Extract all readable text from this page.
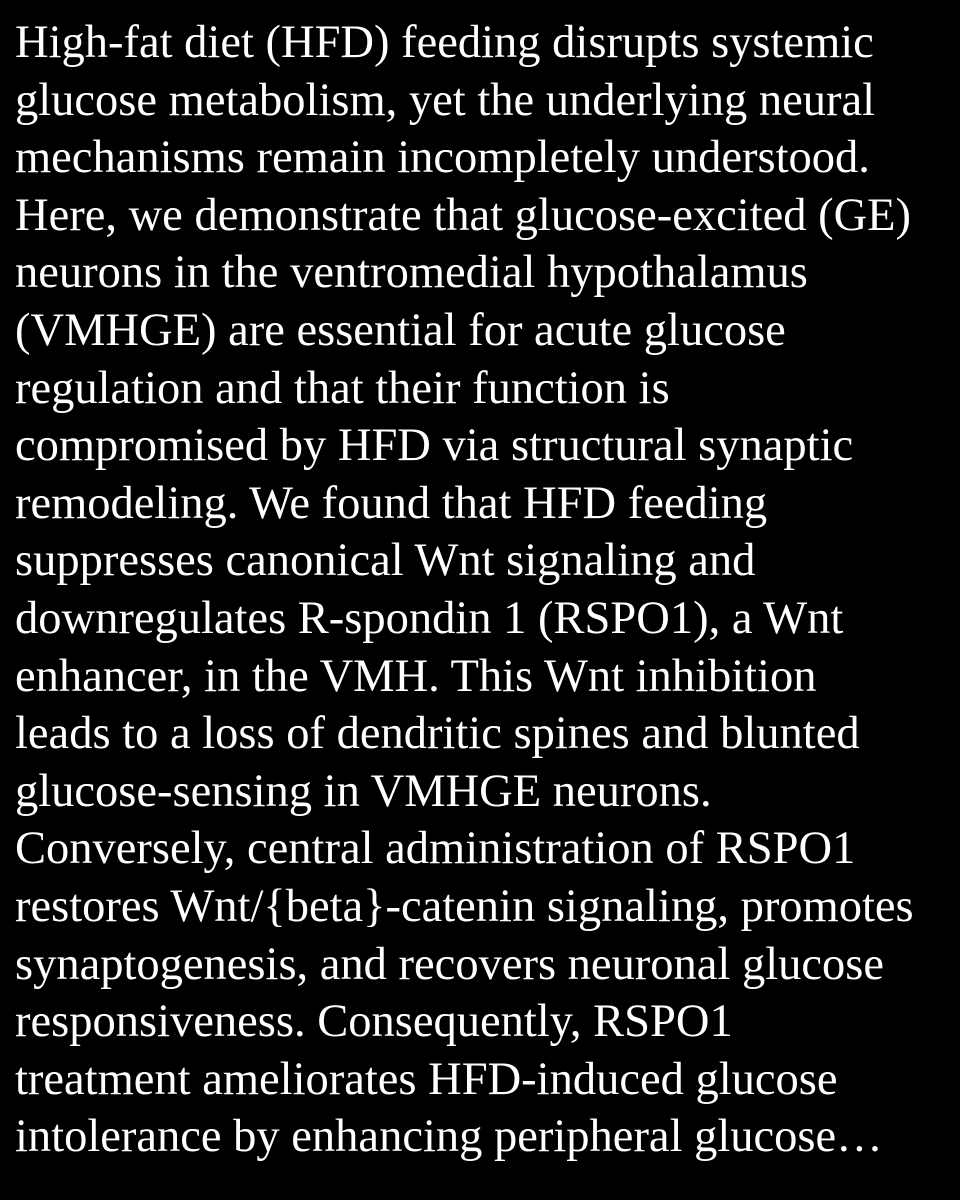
High-fat diet (HFD) feeding disrupts systemic
glucose metabolism, yet the underlying neural
mechanisms remain incompletely understood.
Here, we demonstrate that glucose-excited (GE)
neurons in the ventromedial hypothalamus
(VMHGE) are essential for acute glucose
regulation and that their function is
compromised by HFD via structural synaptic
remodeling. We found that HFD feeding
suppresses canonical Wnt signaling and
downregulates R-spondin 1 (RSPO1), a Wnt
enhancer, in the VMH. This Wnt inhibition
leads to a loss of dendritic spines and blunted
glucose-sensing in VMHGE neurons.
Conversely, central administration of RSPO1
restores Wnt/{beta}-catenin signaling, promotes
synaptogenesis, and recovers neuronal glucose
responsiveness. Consequently, RSPO1
treatment ameliorates HFD-induced glucose
intolerance by enhancing peripheral glucose…
